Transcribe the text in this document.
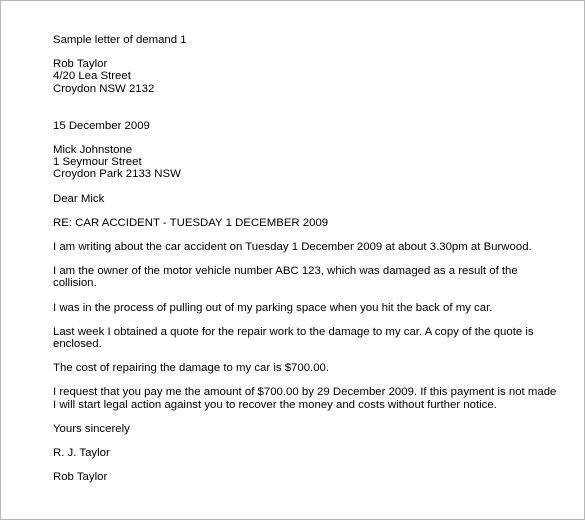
Sample letter of demand 1
Rob Taylor
4/20 Lea Street
Croydon NSW 2132
15 December 2009
Mick Johnstone
1 Seymour Street
Croydon Park 2133 NSW
Dear Mick
RE: CAR ACCIDENT - TUESDAY 1 DECEMBER 2009
I am writing about the car accident on Tuesday 1 December 2009 at about 3.30pm at Burwood.
I am the owner of the motor vehicle number ABC 123, which was damaged as a result of the
collision.
I was in the process of pulling out of my parking space when you hit the back of my car.
Last week I obtained a quote for the repair work to the damage to my car. A copy of the quote is
enclosed.
The cost of repairing the damage to my car is $700.00.
I request that you pay me the amount of $700.00 by 29 December 2009. If this payment is not made
I will start legal action against you to recover the money and costs without further notice.
Yours sincerely
R. J. Taylor
Rob Taylor
